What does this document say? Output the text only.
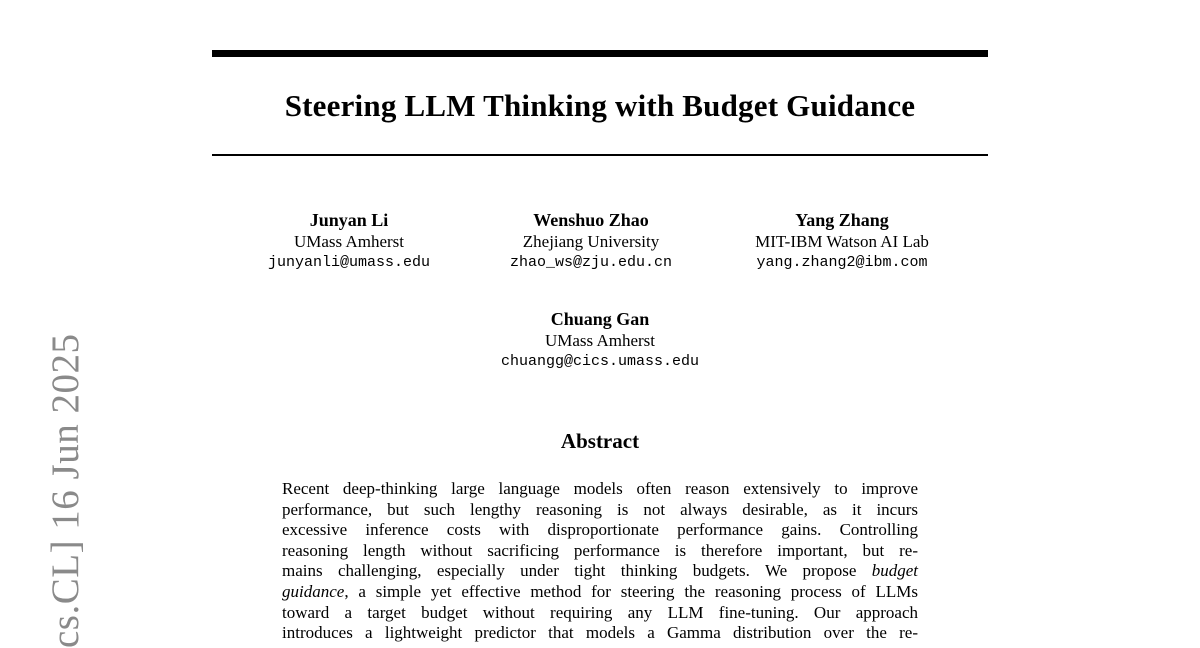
Steering LLM Thinking with Budget Guidance
Junyan Li
UMass Amherst
junyanli@umass.edu
Wenshuo Zhao
Zhejiang University
zhao_ws@zju.edu.cn
Yang Zhang
MIT-IBM Watson AI Lab
yang.zhang2@ibm.com
Chuang Gan
UMass Amherst
chuangg@cics.umass.edu
Abstract
Recent deep-thinking large language models often reason extensively to improve
performance, but such lengthy reasoning is not always desirable, as it incurs
excessive inference costs with disproportionate performance gains. Controlling
reasoning length without sacrificing performance is therefore important, but re-
mains challenging, especially under tight thinking budgets. We propose budget
guidance, a simple yet effective method for steering the reasoning process of LLMs
toward a target budget without requiring any LLM fine-tuning. Our approach
introduces a lightweight predictor that models a Gamma distribution over the re-
cs.CL] 16 Jun 2025
